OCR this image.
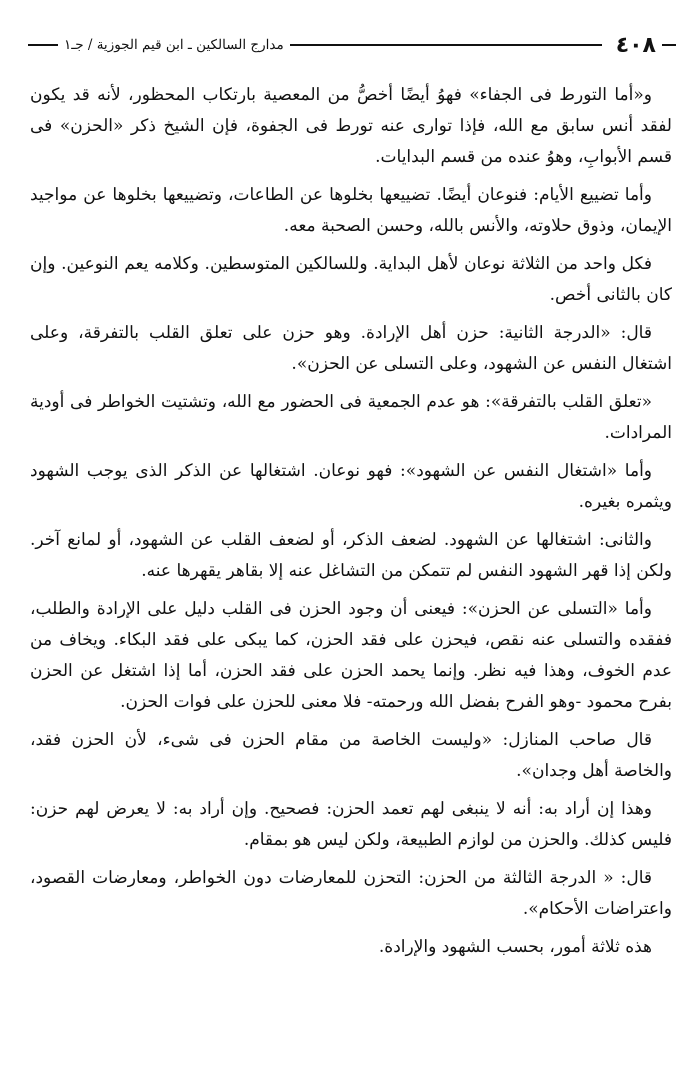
٤٠٨
مدارج السالكين ـ ابن قيم الجوزية / جـ١

و«أما التورط فى الجفاء» فهوُ أيضًا أخصُّ من المعصية بارتكاب المحظور، لأنه قد يكون لفقد أنس سابق مع الله، فإذا توارى عنه تورط فى الجفوة، فإن الشيخ ذكر «الحزن» فى قسم الأبوابِ، وهوُ عنده من قسم البدايات.

وأما تضييع الأيام: فنوعان أيضًا. تضييعها بخلوها عن الطاعات، وتضييعها بخلوها عن مواجيد الإيمان، وذوق حلاوته، والأنس بالله، وحسن الصحبة معه.

فكل واحد من الثلاثة نوعان لأهل البداية. وللسالكين المتوسطين. وكلامه يعم النوعين. وإن كان بالثانى أخص.

قال: «الدرجة الثانية: حزن أهل الإرادة. وهو حزن على تعلق القلب بالتفرقة، وعلى اشتغال النفس عن الشهود، وعلى التسلى عن الحزن».

«تعلق القلب بالتفرقة»: هو عدم الجمعية فى الحضور مع الله، وتشتيت الخواطر فى أودية المرادات.

وأما «اشتغال النفس عن الشهود»: فهو نوعان. اشتغالها عن الذكر الذى يوجب الشهود ويثمره بغيره.

والثانى: اشتغالها عن الشهود. لضعف الذكر، أو لضعف القلب عن الشهود، أو لمانع آخر. ولكن إذا قهر الشهود النفس لم تتمكن من التشاغل عنه إلا بقاهر يقهرها عنه.

وأما «التسلى عن الحزن»: فيعنى أن وجود الحزن فى القلب دليل على الإرادة والطلب، ففقده والتسلى عنه نقص، فيحزن على فقد الحزن، كما يبكى على فقد البكاء. ويخاف من عدم الخوف، وهذا فيه نظر. وإنما يحمد الحزن على فقد الحزن، أما إذا اشتغل عن الحزن بفرح محمود -وهو الفرح بفضل الله ورحمته- فلا معنى للحزن على فوات الحزن.

قال صاحب المنازل: «وليست الخاصة من مقام الحزن فى شىء، لأن الحزن فقد، والخاصة أهل وجدان».

وهذا إن أراد به: أنه لا ينبغى لهم تعمد الحزن: فصحيح. وإن أراد به: لا يعرض لهم حزن: فليس كذلك. والحزن من لوازم الطبيعة، ولكن ليس هو بمقام.

قال: « الدرجة الثالثة من الحزن: التحزن للمعارضات دون الخواطر، ومعارضات القصود، واعتراضات الأحكام».

هذه ثلاثة أمور، بحسب الشهود والإرادة.
